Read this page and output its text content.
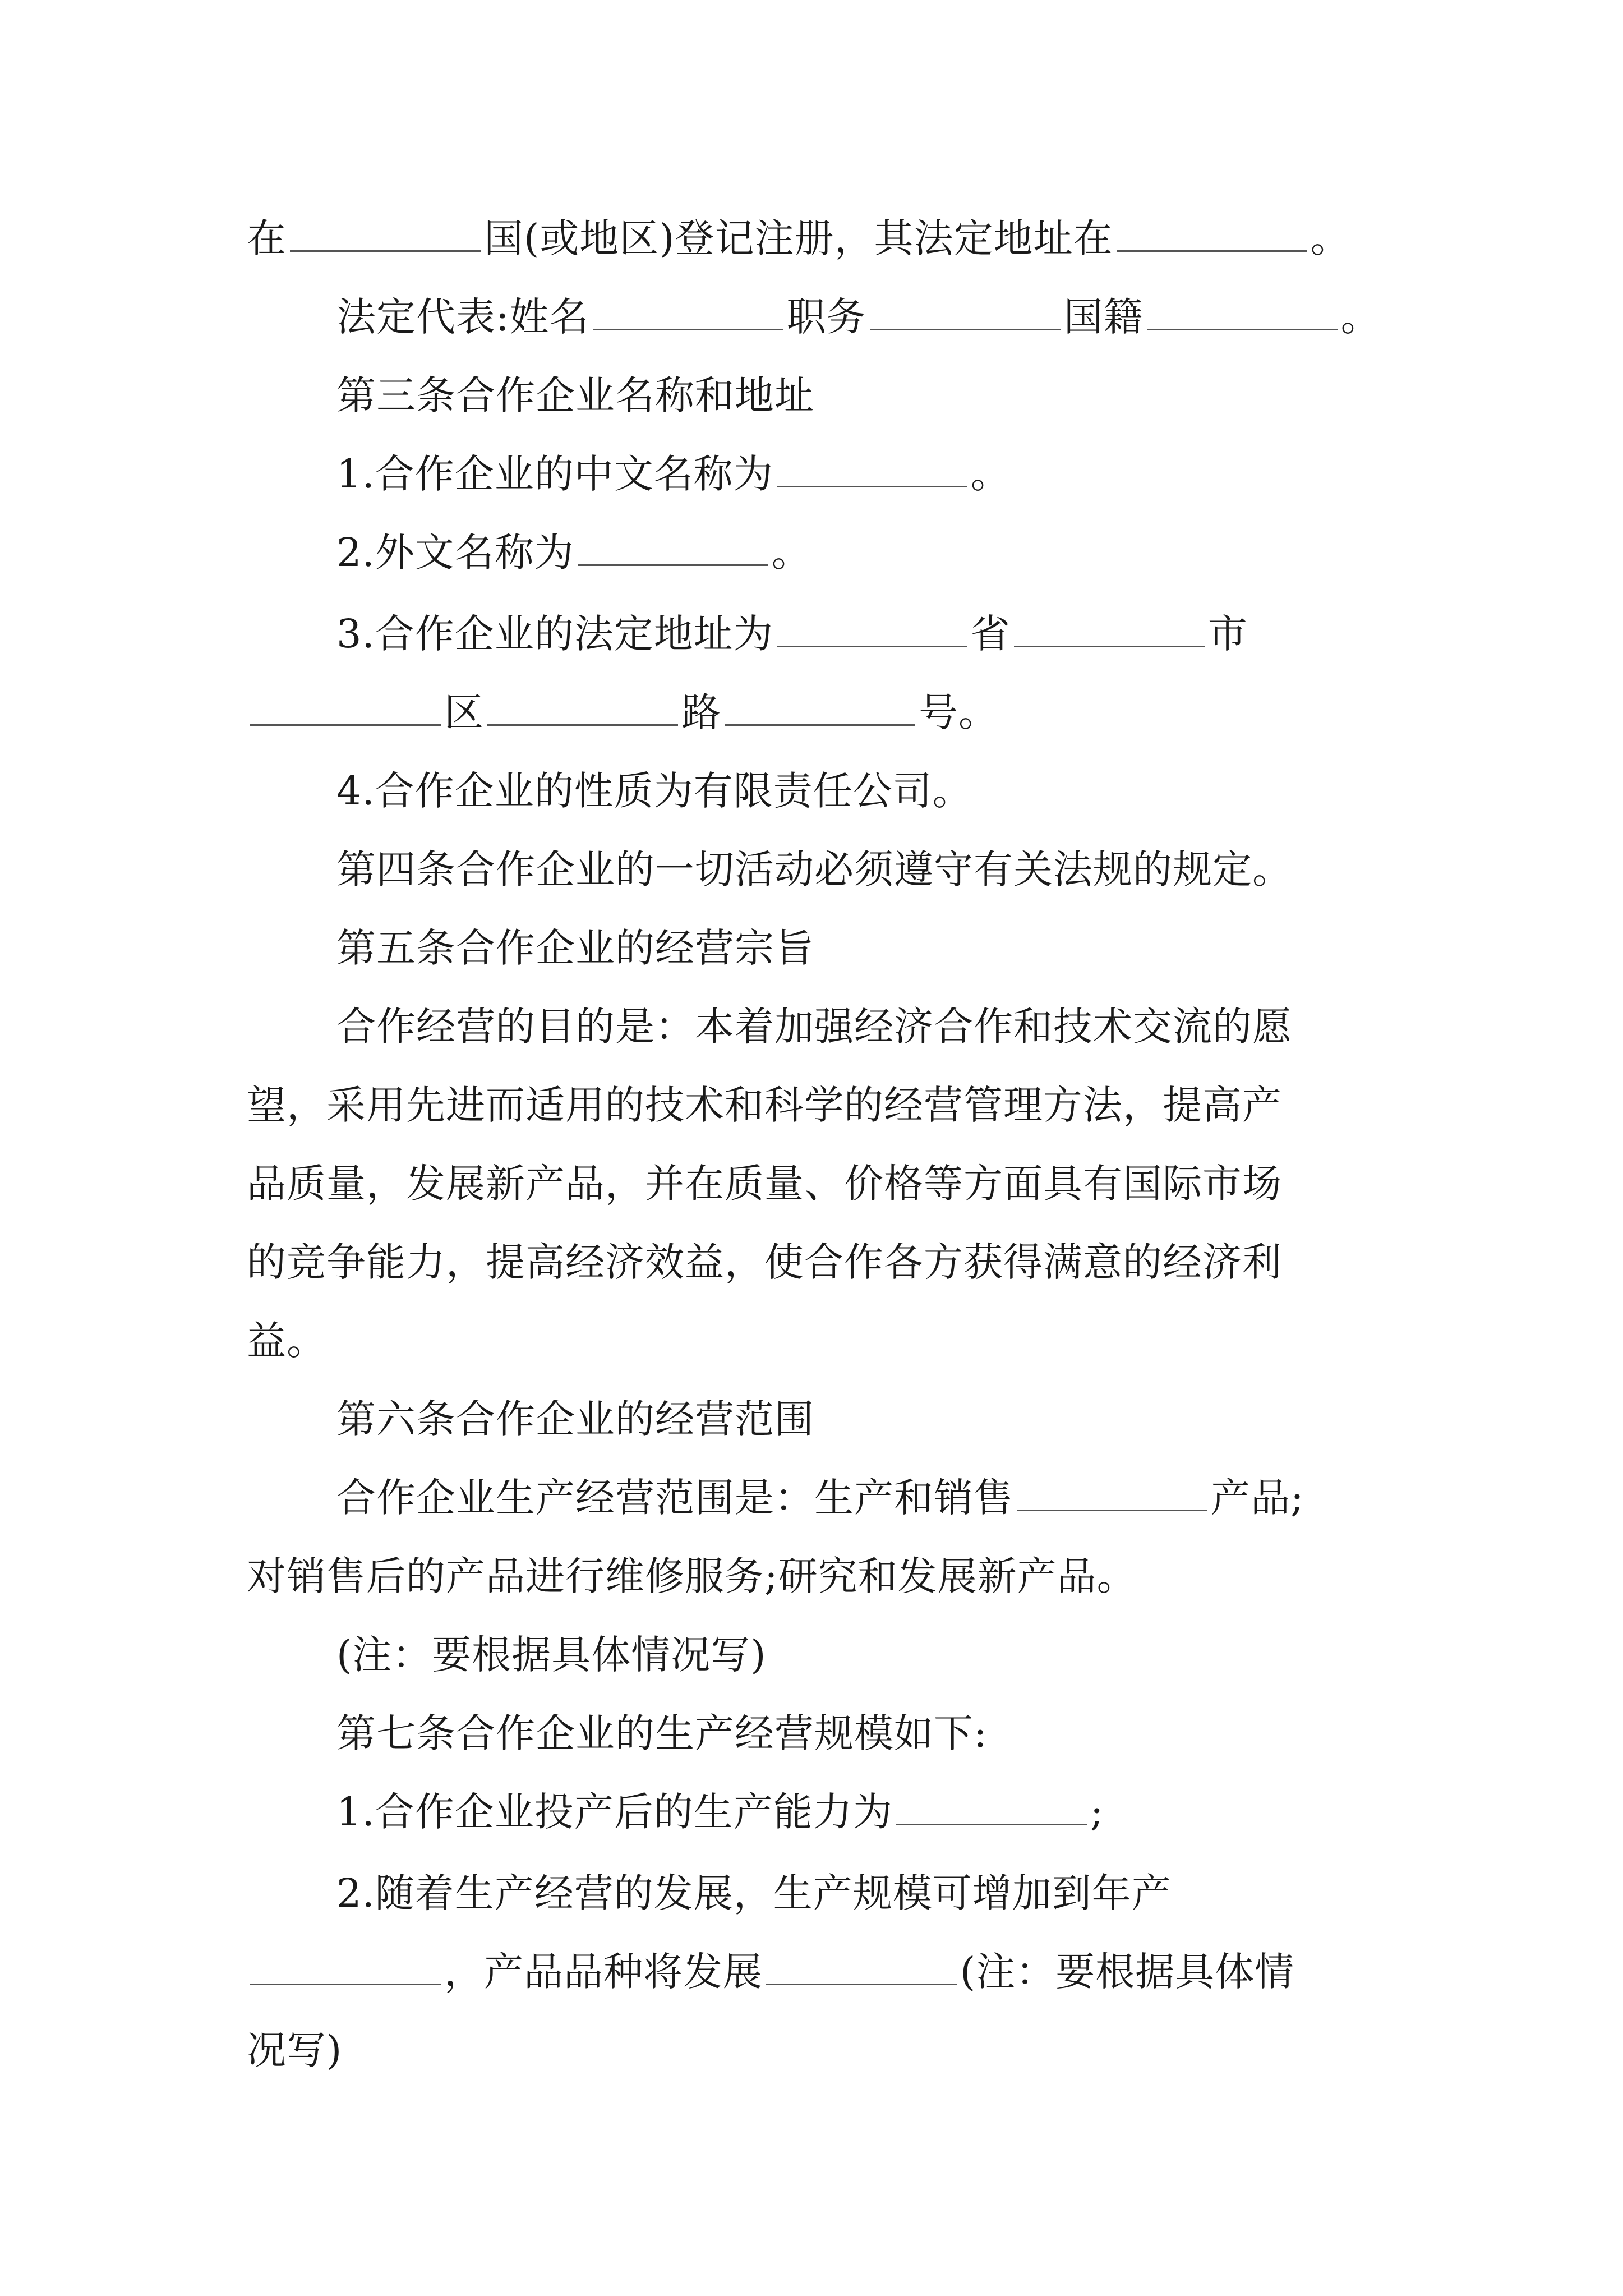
在	国(或地区)登记注册，其法定地址在	。
法定代表:姓名	职务	国籍	。
第三条合作企业名称和地址
1.合作企业的中文名称为	。
2.外文名称为	。
3.合作企业的法定地址为	省	市
区	路	号。
4.合作企业的性质为有限责任公司。
第四条合作企业的一切活动必须遵守有关法规的规定。
第五条合作企业的经营宗旨
合作经营的目的是：本着加强经济合作和技术交流的愿
望，采用先进而适用的技术和科学的经营管理方法，提高产
品质量，发展新产品，并在质量、价格等方面具有国际市场
的竞争能力，提高经济效益，使合作各方获得满意的经济利
益。
第六条合作企业的经营范围
合作企业生产经营范围是：生产和销售	产品;
对销售后的产品进行维修服务;研究和发展新产品。
(注：要根据具体情况写)
第七条合作企业的生产经营规模如下:
1.合作企业投产后的生产能力为	;
2.随着生产经营的发展，生产规模可增加到年产
，产品品种将发展	(注：要根据具体情
况写)
